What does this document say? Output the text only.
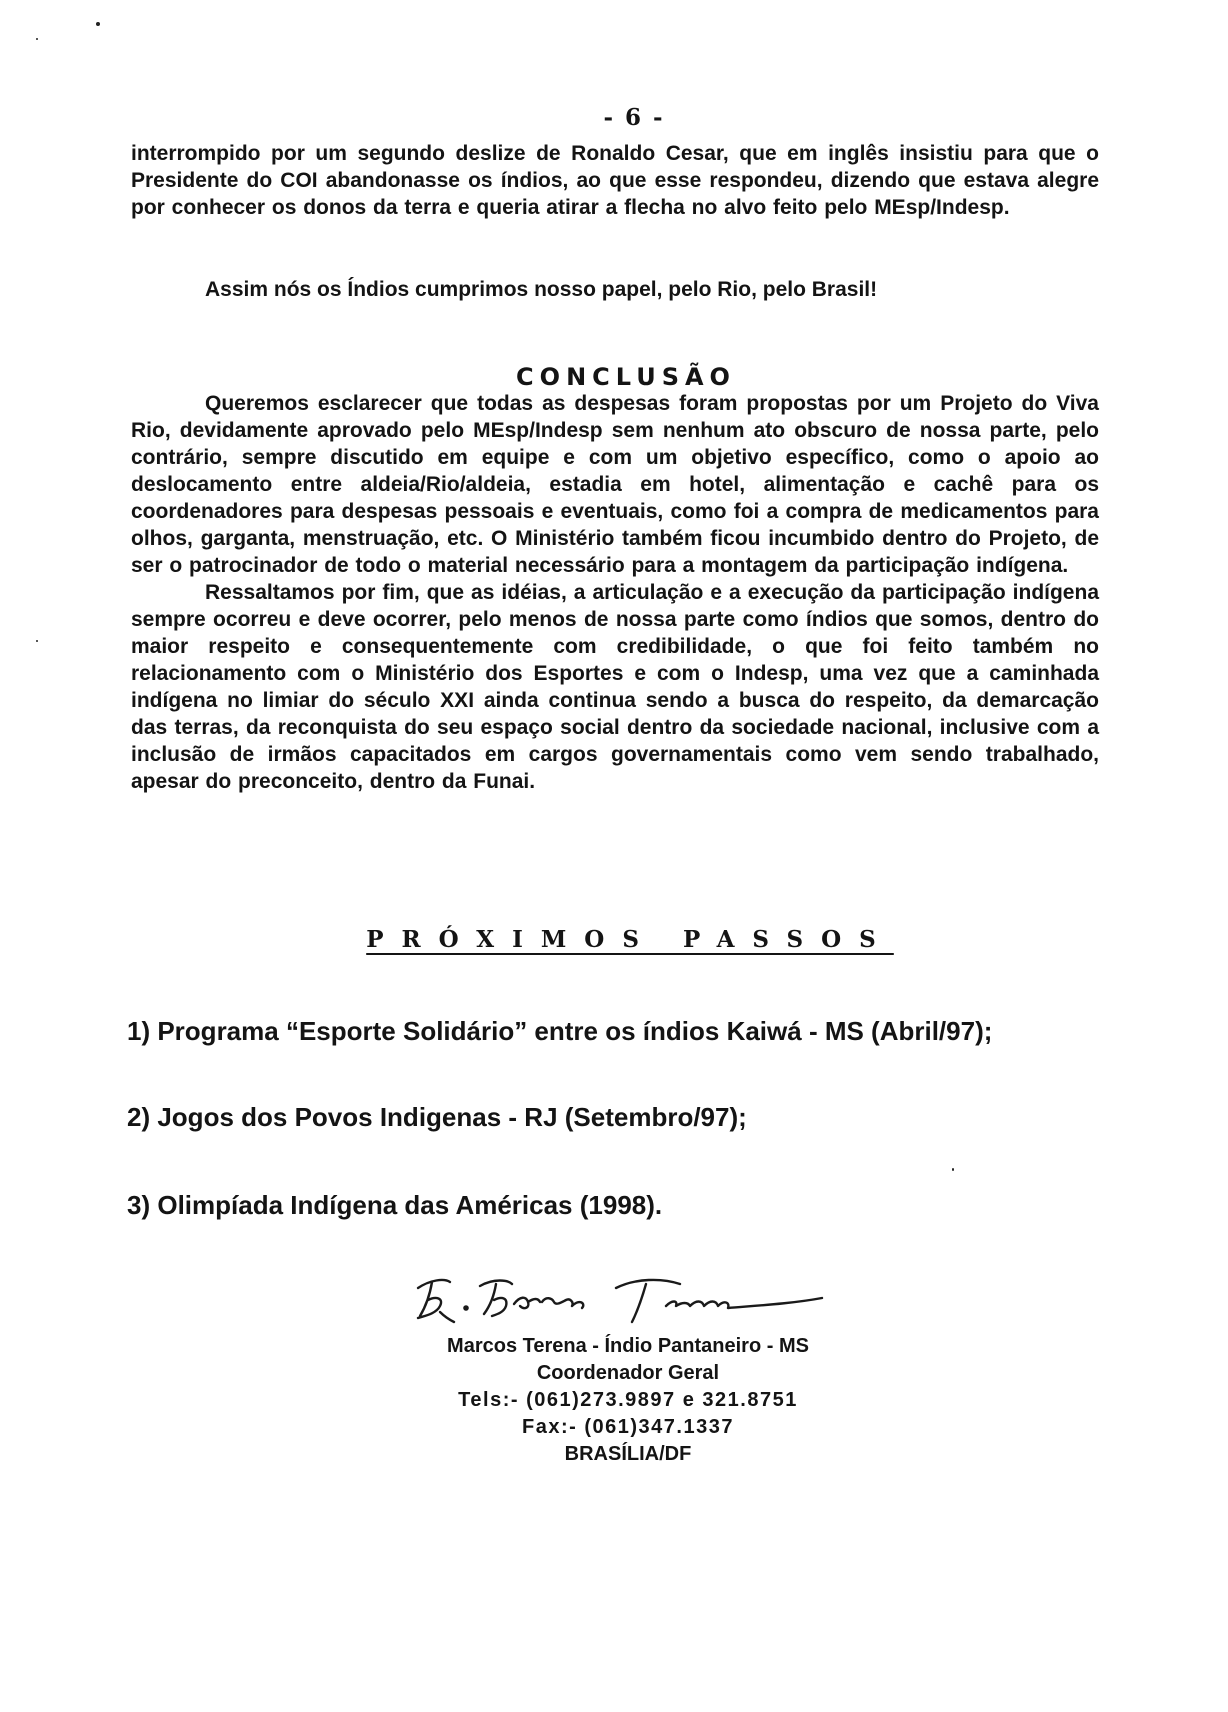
- 6 -

interrompido por um segundo deslize de Ronaldo Cesar, que em inglês insistiu para que o Presidente do COI abandonasse os índios, ao que esse respondeu, dizendo que estava alegre por conhecer os donos da terra e queria atirar a flecha no alvo feito pelo MEsp/Indesp.

Assim nós os Índios cumprimos nosso papel, pelo Rio, pelo Brasil!
CONCLUSÃO

Queremos esclarecer que todas as despesas foram propostas por um Projeto do Viva Rio, devidamente aprovado pelo MEsp/Indesp sem nenhum ato obscuro de nossa parte, pelo contrário, sempre discutido em equipe e com um objetivo específico, como o apoio ao deslocamento entre aldeia/Rio/aldeia, estadia em hotel, alimentação e cachê para os coordenadores para despesas pessoais e eventuais, como foi a compra de medicamentos para olhos, garganta, menstruação, etc. O Ministério também ficou incumbido dentro do Projeto, de ser o patrocinador de todo o material necessário para a montagem da participação indígena.

Ressaltamos por fim, que as idéias, a articulação e a execução da participação indígena sempre ocorreu e deve ocorrer, pelo menos de nossa parte como índios que somos, dentro do maior respeito e consequentemente com credibilidade, o que foi feito também no relacionamento com o Ministério dos Esportes e com o Indesp, uma vez que a caminhada indígena no limiar do século XXI ainda continua sendo a busca do respeito, da demarcação das terras, da reconquista do seu espaço social dentro da sociedade nacional, inclusive com a inclusão de irmãos capacitados em cargos governamentais como vem sendo trabalhado, apesar do preconceito, dentro da Funai.

PRÓXIMOS PASSOS
1) Programa “Esporte Solidário” entre os índios Kaiwá - MS (Abril/97);
2) Jogos dos Povos Indigenas - RJ (Setembro/97);
3) Olimpíada Indígena das Américas (1998).
Marcos Terena - Índio Pantaneiro - MS
Coordenador Geral
Tels:- (061)273.9897 e 321.8751
Fax:- (061)347.1337
BRASÍLIA/DF
